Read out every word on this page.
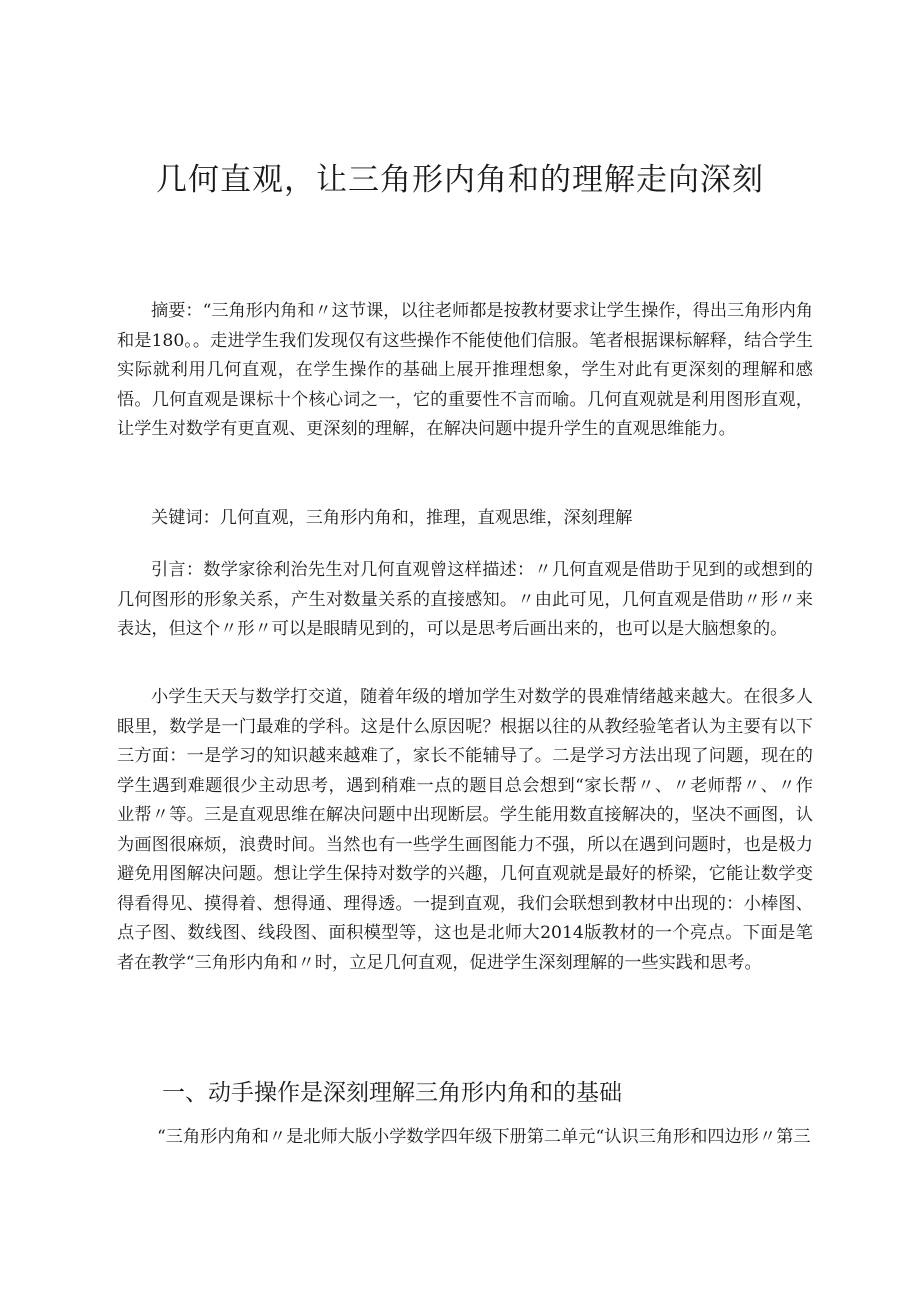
几何直观，让三角形内角和的理解走向深刻

摘要：“三角形内角和〃这节课，以往老师都是按教材要求让学生操作，得出三角形内角和是180。。走进学生我们发现仅有这些操作不能使他们信服。笔者根据课标解释，结合学生实际就利用几何直观，在学生操作的基础上展开推理想象，学生对此有更深刻的理解和感悟。几何直观是课标十个核心词之一，它的重要性不言而喻。几何直观就是利用图形直观，让学生对数学有更直观、更深刻的理解，在解决问题中提升学生的直观思维能力。

关键词：几何直观，三角形内角和，推理，直观思维，深刻理解

引言：数学家徐利治先生对几何直观曾这样描述：〃几何直观是借助于见到的或想到的几何图形的形象关系，产生对数量关系的直接感知。〃由此可见，几何直观是借助〃形〃来表达，但这个〃形〃可以是眼睛见到的，可以是思考后画出来的，也可以是大脑想象的。

小学生天天与数学打交道，随着年级的增加学生对数学的畏难情绪越来越大。在很多人眼里，数学是一门最难的学科。这是什么原因呢？根据以往的从教经验笔者认为主要有以下三方面：一是学习的知识越来越难了，家长不能辅导了。二是学习方法出现了问题，现在的学生遇到难题很少主动思考，遇到稍难一点的题目总会想到“家长帮〃、〃老师帮〃、〃作业帮〃等。三是直观思维在解决问题中出现断层。学生能用数直接解决的，坚决不画图，认为画图很麻烦，浪费时间。当然也有一些学生画图能力不强，所以在遇到问题时，也是极力避免用图解决问题。想让学生保持对数学的兴趣，几何直观就是最好的桥梁，它能让数学变得看得见、摸得着、想得通、理得透。一提到直观，我们会联想到教材中出现的：小棒图、点子图、数线图、线段图、面积模型等，这也是北师大2014版教材的一个亮点。下面是笔者在教学“三角形内角和〃时，立足几何直观，促进学生深刻理解的一些实践和思考。

一、动手操作是深刻理解三角形内角和的基础
“三角形内角和〃是北师大版小学数学四年级下册第二单元“认识三角形和四边形〃第三
